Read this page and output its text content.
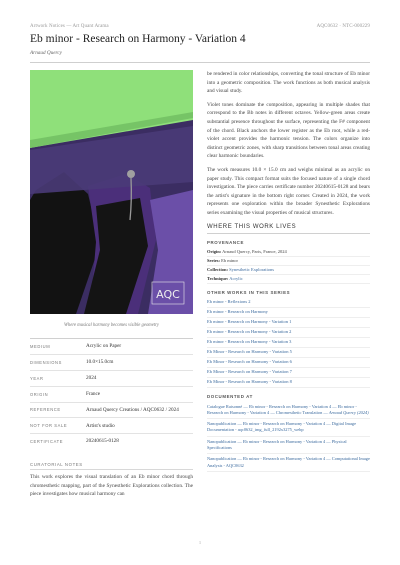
Artwork Notices — Art Quant Arama	AQC0632 · NTC-000229
Eb minor - Research on Harmony - Variation 4
Arnaud Quercy
AQC
Where musical harmony becomes visible geometry
MEDIUM	Acrylic on Paper
DIMENSIONS	10.0×15.0cm
YEAR	2024
ORIGIN	France
REFERENCE	Arnaud Quercy Creations / AQC0632 / 2024
NOT FOR SALE	Artist's studio
CERTIFICATE	20240615-0128
CURATORIAL NOTES

This work explores the visual translation of an Eb minor chord through chromesthetic mapping, part of the Synesthetic Explorations collection. The piece investigates how musical harmony can

be rendered in color relationships, converting the tonal structure of Eb minor into a geometric composition. The work functions as both musical analysis and visual study.

Violet tones dominate the composition, appearing in multiple shades that correspond to the Bb notes in different octaves. Yellow-green areas create substantial presence throughout the surface, representing the F# component of the chord. Black anchors the lower register as the Eb root, while a red-violet accent provides the harmonic tension. The colors organize into distinct geometric zones, with sharp transitions between tonal areas creating clear harmonic boundaries.

The work measures 10.0 × 15.0 cm and weighs minimal as an acrylic on paper study. This compact format suits the focused nature of a single chord investigation. The piece carries certificate number 20240615-0128 and bears the artist's signature in the bottom right corner. Created in 2024, the work represents one exploration within the broader Synesthetic Explorations series examining the visual properties of musical structures.

WHERE THIS WORK LIVES
PROVENANCE
Origin: Arnaud Quercy, Paris, France, 2024
Series: Eb minor
Collection: Synesthetic Explorations
Technique: Acrylic
OTHER WORKS IN THIS SERIES
Eb minor - Reflexions 2
Eb minor - Research on Harmony
Eb minor - Research on Harmony - Variation 1
Eb minor - Research on Harmony - Variation 2
Eb minor - Research on Harmony - Variation 3
Eb Minor - Research on Harmony - Variation 5
Eb Minor - Research on Harmony - Variation 6
Eb Minor - Research on Harmony - Variation 7
Eb Minor - Research on Harmony - Variation 8
DOCUMENTED AT
Catalogue Raisonné — Eb minor - Research on Harmony - Variation 4 — Eb minor - Research on Harmony - Variation 4 — Chromesthetic Translation — Arnaud Quercy (2024)
Nanopublication — Eb minor - Research on Harmony - Variation 4 — Digital Image Documentation - aqc0632_img_full_2192x3275_webp
Nanopublication — Eb minor - Research on Harmony - Variation 4 — Physical Specifications
Nanopublication — Eb minor - Research on Harmony - Variation 4 — Computational Image Analysis - AQC0632
1
